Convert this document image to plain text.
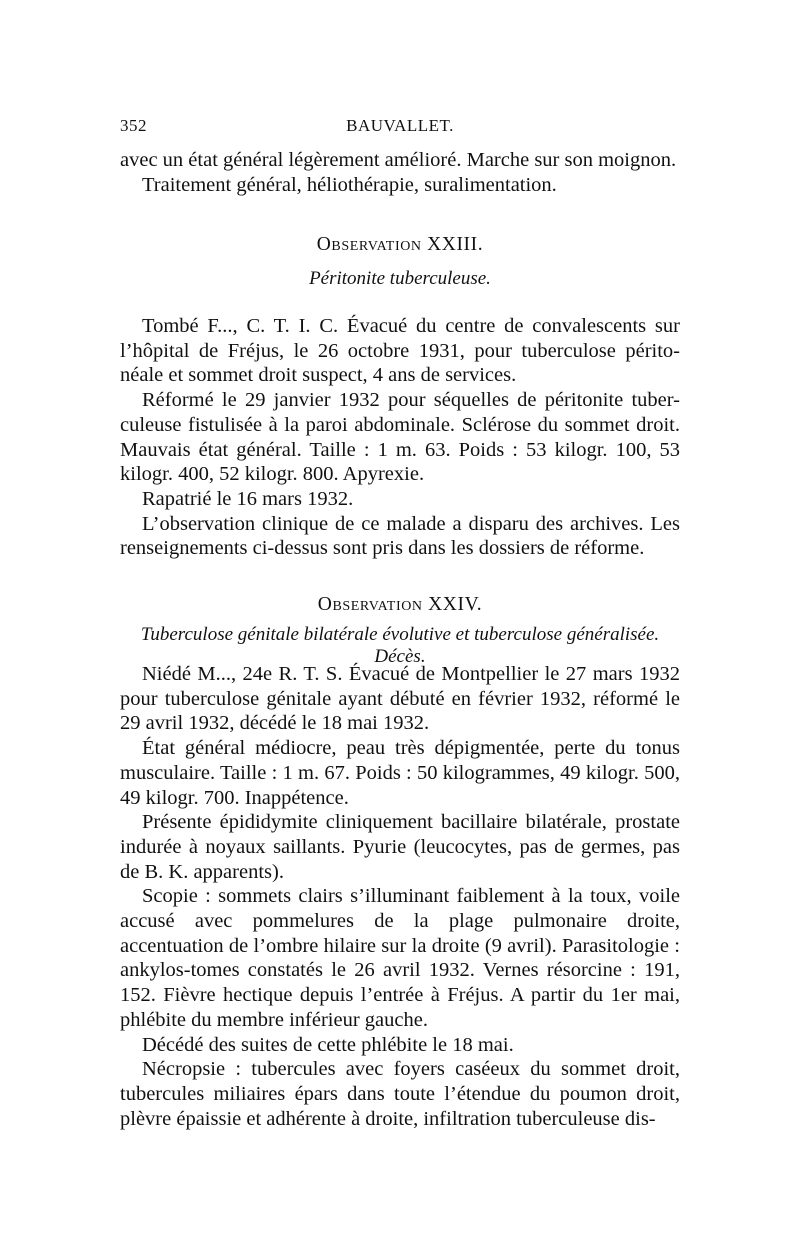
352	BAUVALLET.

avec un état général légèrement amélioré. Marche sur son moignon.

Traitement général, héliothérapie, suralimentation.

Observation XXIII.
Péritonite tuberculeuse.

Tombé F..., C. T. I. C. Évacué du centre de convalescents sur l’hôpital de Fréjus, le 26 octobre 1931, pour tuberculose périto-néale et sommet droit suspect, 4 ans de services.

Réformé le 29 janvier 1932 pour séquelles de péritonite tuber-culeuse fistulisée à la paroi abdominale. Sclérose du sommet droit. Mauvais état général. Taille : 1 m. 63. Poids : 53 kilogr. 100, 53 kilogr. 400, 52 kilogr. 800. Apyrexie.

Rapatrié le 16 mars 1932.

L’observation clinique de ce malade a disparu des archives. Les renseignements ci-dessus sont pris dans les dossiers de réforme.

Observation XXIV.
Tuberculose génitale bilatérale évolutive et tuberculose généralisée. Décès.

Niédé M..., 24e R. T. S. Évacué de Montpellier le 27 mars 1932 pour tuberculose génitale ayant débuté en février 1932, réformé le 29 avril 1932, décédé le 18 mai 1932.

État général médiocre, peau très dépigmentée, perte du tonus musculaire. Taille : 1 m. 67. Poids : 50 kilogrammes, 49 kilogr. 500, 49 kilogr. 700. Inappétence.

Présente épididymite cliniquement bacillaire bilatérale, prostate indurée à noyaux saillants. Pyurie (leucocytes, pas de germes, pas de B. K. apparents).

Scopie : sommets clairs s’illuminant faiblement à la toux, voile accusé avec pommelures de la plage pulmonaire droite, accentuation de l’ombre hilaire sur la droite (9 avril). Parasitologie : ankylos-tomes constatés le 26 avril 1932. Vernes résorcine : 191, 152. Fièvre hectique depuis l’entrée à Fréjus. A partir du 1er mai, phlébite du membre inférieur gauche.

Décédé des suites de cette phlébite le 18 mai.

Nécropsie : tubercules avec foyers caséeux du sommet droit, tubercules miliaires épars dans toute l’étendue du poumon droit, plèvre épaissie et adhérente à droite, infiltration tuberculeuse dis-
